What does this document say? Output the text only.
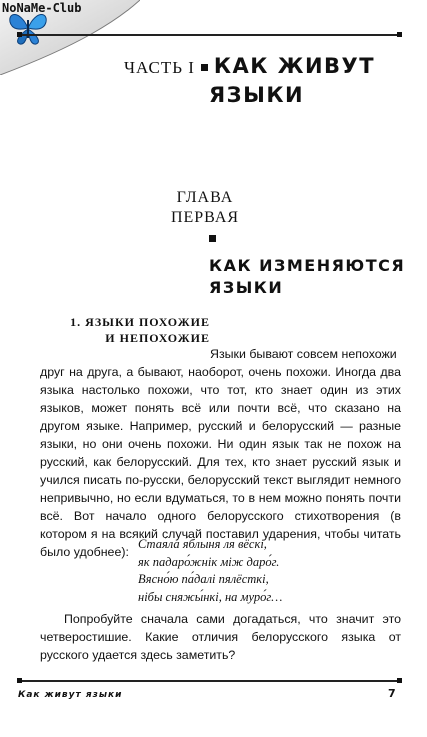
NoNaMe-Club
ЧАСТЬ I КАК ЖИВУТ
ЯЗЫКИ
ГЛАВА
ПЕРВАЯ
КАК ИЗМЕНЯЮТСЯ
ЯЗЫКИ
1. ЯЗЫКИ ПОХОЖИЕ
И НЕПОХОЖИЕ

Языки бывают совсем непохожи

друг на друга, а бывают, наоборот, очень похожи. Иногда два языка настолько похожи, что тот, кто знает один из этих языков, может понять всё или почти всё, что сказано на другом языке. Например, русский и белорусский — разные языки, но они очень похожи. Ни один язык так не похож на русский, как белорусский. Для тех, кто знает русский язык и учился писать по-русски, белорусский текст выглядит немного непривычно, но если вдуматься, то в нем можно понять почти всё. Вот начало одного белорусского стихотворения (в котором я на всякий случай поставил ударения, чтобы читать было удобнее):

Стая́ла я́блыня ля вёскі,
як падаро́жнік між даро́г.
Вясно́ю па́далі пялёсткі,
нібы сняжы́нкі, на муро́г…

Попробуйте сначала сами догадаться, что значит это четверостишие. Какие отличия белорусского языка от русского удается здесь заметить?

Как живут языки	7
